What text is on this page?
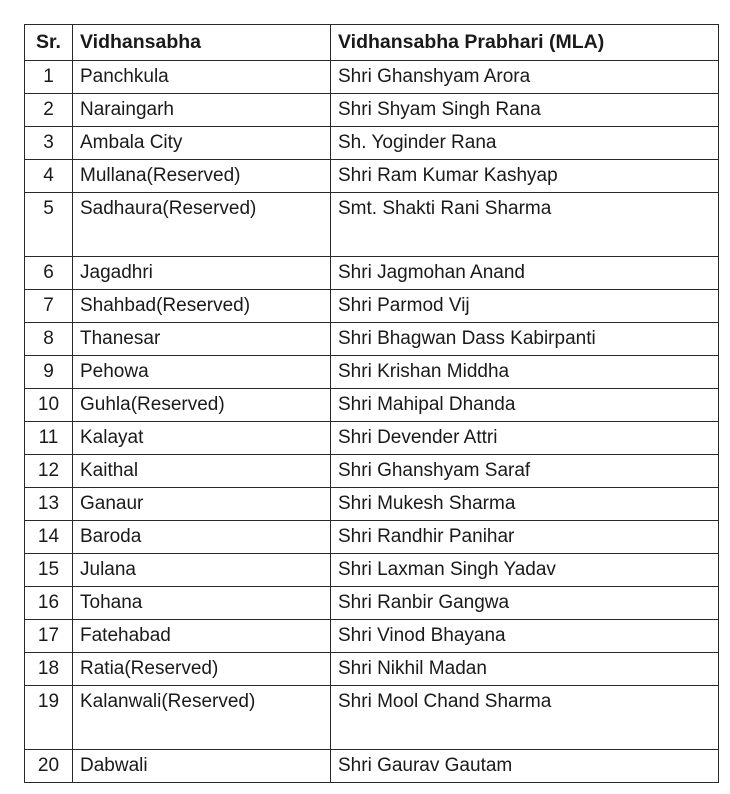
Sr.	Vidhansabha	Vidhansabha Prabhari (MLA)
1	Panchkula	Shri Ghanshyam Arora
2	Naraingarh	Shri Shyam Singh Rana
3	Ambala City	Sh. Yoginder Rana
4	Mullana(Reserved)	Shri Ram Kumar Kashyap
5	Sadhaura(Reserved)	Smt. Shakti Rani Sharma
6	Jagadhri	Shri Jagmohan Anand
7	Shahbad(Reserved)	Shri Parmod Vij
8	Thanesar	Shri Bhagwan Dass Kabirpanti
9	Pehowa	Shri Krishan Middha
10	Guhla(Reserved)	Shri Mahipal Dhanda
11	Kalayat	Shri Devender Attri
12	Kaithal	Shri Ghanshyam Saraf
13	Ganaur	Shri Mukesh Sharma
14	Baroda	Shri Randhir Panihar
15	Julana	Shri Laxman Singh Yadav
16	Tohana	Shri Ranbir Gangwa
17	Fatehabad	Shri Vinod Bhayana
18	Ratia(Reserved)	Shri Nikhil Madan
19	Kalanwali(Reserved)	Shri Mool Chand Sharma
20	Dabwali	Shri Gaurav Gautam
